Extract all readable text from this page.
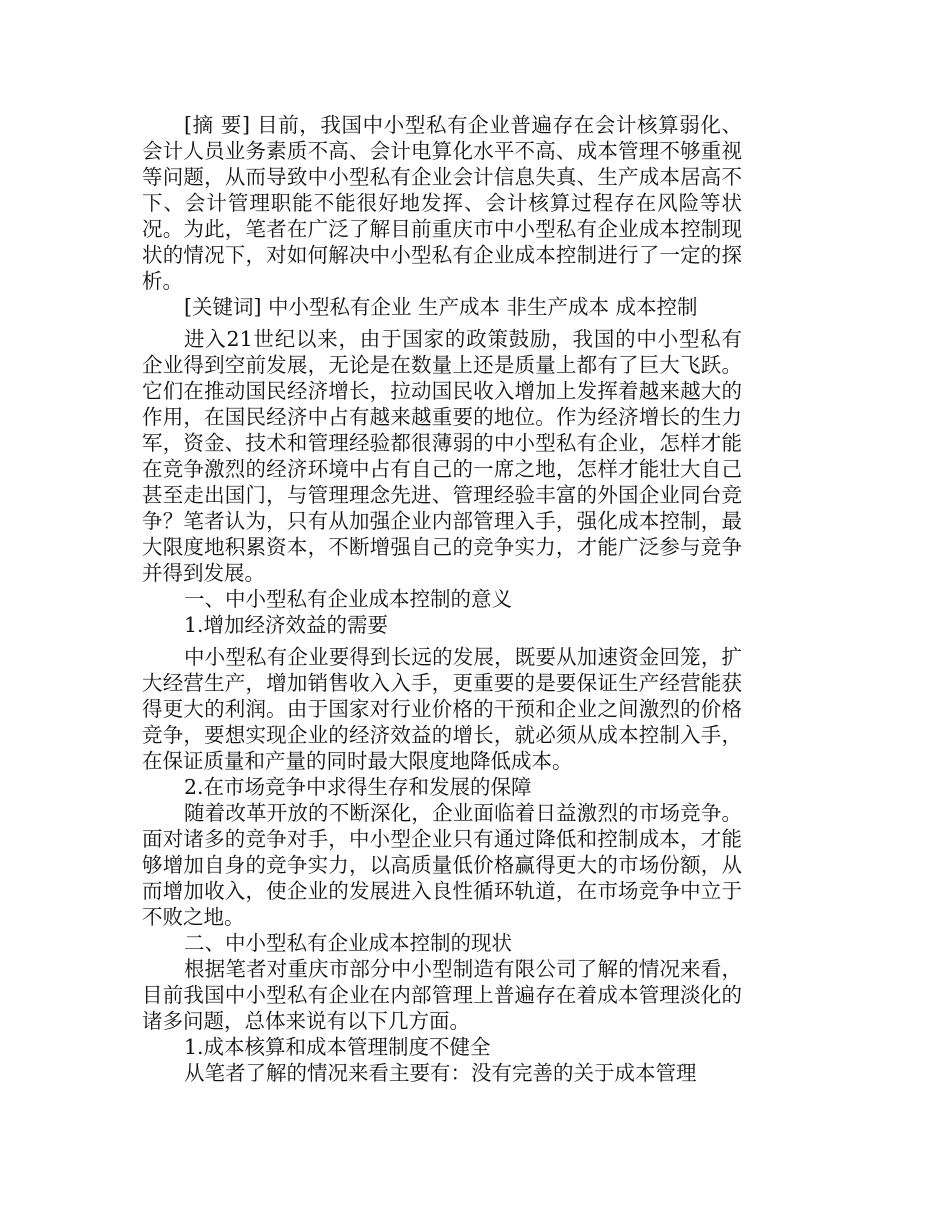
[摘 要] 目前，我国中小型私有企业普遍存在会计核算弱化、会计人员业务素质不高、会计电算化水平不高、成本管理不够重视等问题，从而导致中小型私有企业会计信息失真、生产成本居高不下、会计管理职能不能很好地发挥、会计核算过程存在风险等状况。为此，笔者在广泛了解目前重庆市中小型私有企业成本控制现状的情况下，对如何解决中小型私有企业成本控制进行了一定的探析。

[关键词] 中小型私有企业 生产成本 非生产成本 成本控制

进入21世纪以来，由于国家的政策鼓励，我国的中小型私有企业得到空前发展，无论是在数量上还是质量上都有了巨大飞跃。它们在推动国民经济增长，拉动国民收入增加上发挥着越来越大的作用，在国民经济中占有越来越重要的地位。作为经济增长的生力军，资金、技术和管理经验都很薄弱的中小型私有企业，怎样才能在竞争激烈的经济环境中占有自己的一席之地，怎样才能壮大自己甚至走出国门，与管理理念先进、管理经验丰富的外国企业同台竞争？笔者认为，只有从加强企业内部管理入手，强化成本控制，最大限度地积累资本，不断增强自己的竞争实力，才能广泛参与竞争并得到发展。

一、中小型私有企业成本控制的意义

1.增加经济效益的需要

中小型私有企业要得到长远的发展，既要从加速资金回笼，扩大经营生产，增加销售收入入手，更重要的是要保证生产经营能获得更大的利润。由于国家对行业价格的干预和企业之间激烈的价格竞争，要想实现企业的经济效益的增长，就必须从成本控制入手，在保证质量和产量的同时最大限度地降低成本。

2.在市场竞争中求得生存和发展的保障

随着改革开放的不断深化，企业面临着日益激烈的市场竞争。面对诸多的竞争对手，中小型企业只有通过降低和控制成本，才能够增加自身的竞争实力，以高质量低价格赢得更大的市场份额，从而增加收入，使企业的发展进入良性循环轨道，在市场竞争中立于不败之地。

二、中小型私有企业成本控制的现状

根据笔者对重庆市部分中小型制造有限公司了解的情况来看，目前我国中小型私有企业在内部管理上普遍存在着成本管理淡化的诸多问题，总体来说有以下几方面。

1.成本核算和成本管理制度不健全

从笔者了解的情况来看主要有：没有完善的关于成本管理
